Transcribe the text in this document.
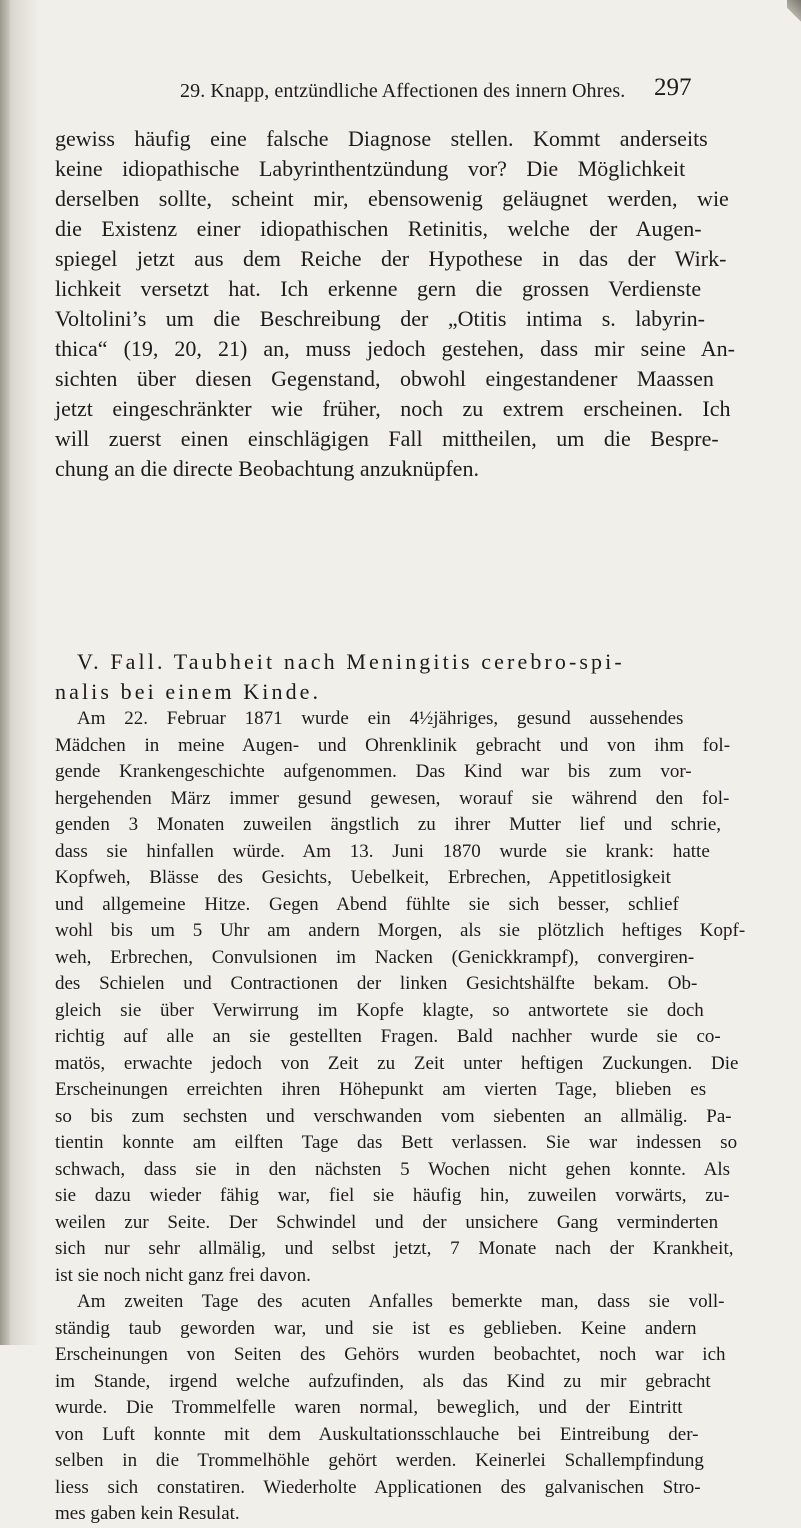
29. Knapp, entzündliche Affectionen des innern Ohres. 297
gewiss häufig eine falsche Diagnose stellen. Kommt anderseits
keine idiopathische Labyrinthentzündung vor? Die Möglichkeit
derselben sollte, scheint mir, ebensowenig geläugnet werden, wie
die Existenz einer idiopathischen Retinitis, welche der Augen-
spiegel jetzt aus dem Reiche der Hypothese in das der Wirk-
lichkeit versetzt hat. Ich erkenne gern die grossen Verdienste
Voltolini’s um die Beschreibung der „Otitis intima s. labyrin-
thica“ (19, 20, 21) an, muss jedoch gestehen, dass mir seine An-
sichten über diesen Gegenstand, obwohl eingestandener Maassen
jetzt eingeschränkter wie früher, noch zu extrem erscheinen. Ich
will zuerst einen einschlägigen Fall mittheilen, um die Bespre-
chung an die directe Beobachtung anzuknüpfen.
V. Fall. Taubheit nach Meningitis cerebro-spi-
nalis bei einem Kinde.
Am 22. Februar 1871 wurde ein 4½jähriges, gesund aussehendes
Mädchen in meine Augen- und Ohrenklinik gebracht und von ihm fol-
gende Krankengeschichte aufgenommen. Das Kind war bis zum vor-
hergehenden März immer gesund gewesen, worauf sie während den fol-
genden 3 Monaten zuweilen ängstlich zu ihrer Mutter lief und schrie,
dass sie hinfallen würde. Am 13. Juni 1870 wurde sie krank: hatte
Kopfweh, Blässe des Gesichts, Uebelkeit, Erbrechen, Appetitlosigkeit
und allgemeine Hitze. Gegen Abend fühlte sie sich besser, schlief
wohl bis um 5 Uhr am andern Morgen, als sie plötzlich heftiges Kopf-
weh, Erbrechen, Convulsionen im Nacken (Genickkrampf), convergiren-
des Schielen und Contractionen der linken Gesichtshälfte bekam. Ob-
gleich sie über Verwirrung im Kopfe klagte, so antwortete sie doch
richtig auf alle an sie gestellten Fragen. Bald nachher wurde sie co-
matös, erwachte jedoch von Zeit zu Zeit unter heftigen Zuckungen. Die
Erscheinungen erreichten ihren Höhepunkt am vierten Tage, blieben es
so bis zum sechsten und verschwanden vom siebenten an allmälig. Pa-
tientin konnte am eilften Tage das Bett verlassen. Sie war indessen so
schwach, dass sie in den nächsten 5 Wochen nicht gehen konnte. Als
sie dazu wieder fähig war, fiel sie häufig hin, zuweilen vorwärts, zu-
weilen zur Seite. Der Schwindel und der unsichere Gang verminderten
sich nur sehr allmälig, und selbst jetzt, 7 Monate nach der Krankheit,
ist sie noch nicht ganz frei davon.
Am zweiten Tage des acuten Anfalles bemerkte man, dass sie voll-
ständig taub geworden war, und sie ist es geblieben. Keine andern
Erscheinungen von Seiten des Gehörs wurden beobachtet, noch war ich
im Stande, irgend welche aufzufinden, als das Kind zu mir gebracht
wurde. Die Trommelfelle waren normal, beweglich, und der Eintritt
von Luft konnte mit dem Auskultationsschlauche bei Eintreibung der-
selben in die Trommelhöhle gehört werden. Keinerlei Schallempfindung
liess sich constatiren. Wiederholte Applicationen des galvanischen Stro-
mes gaben kein Resulat.
